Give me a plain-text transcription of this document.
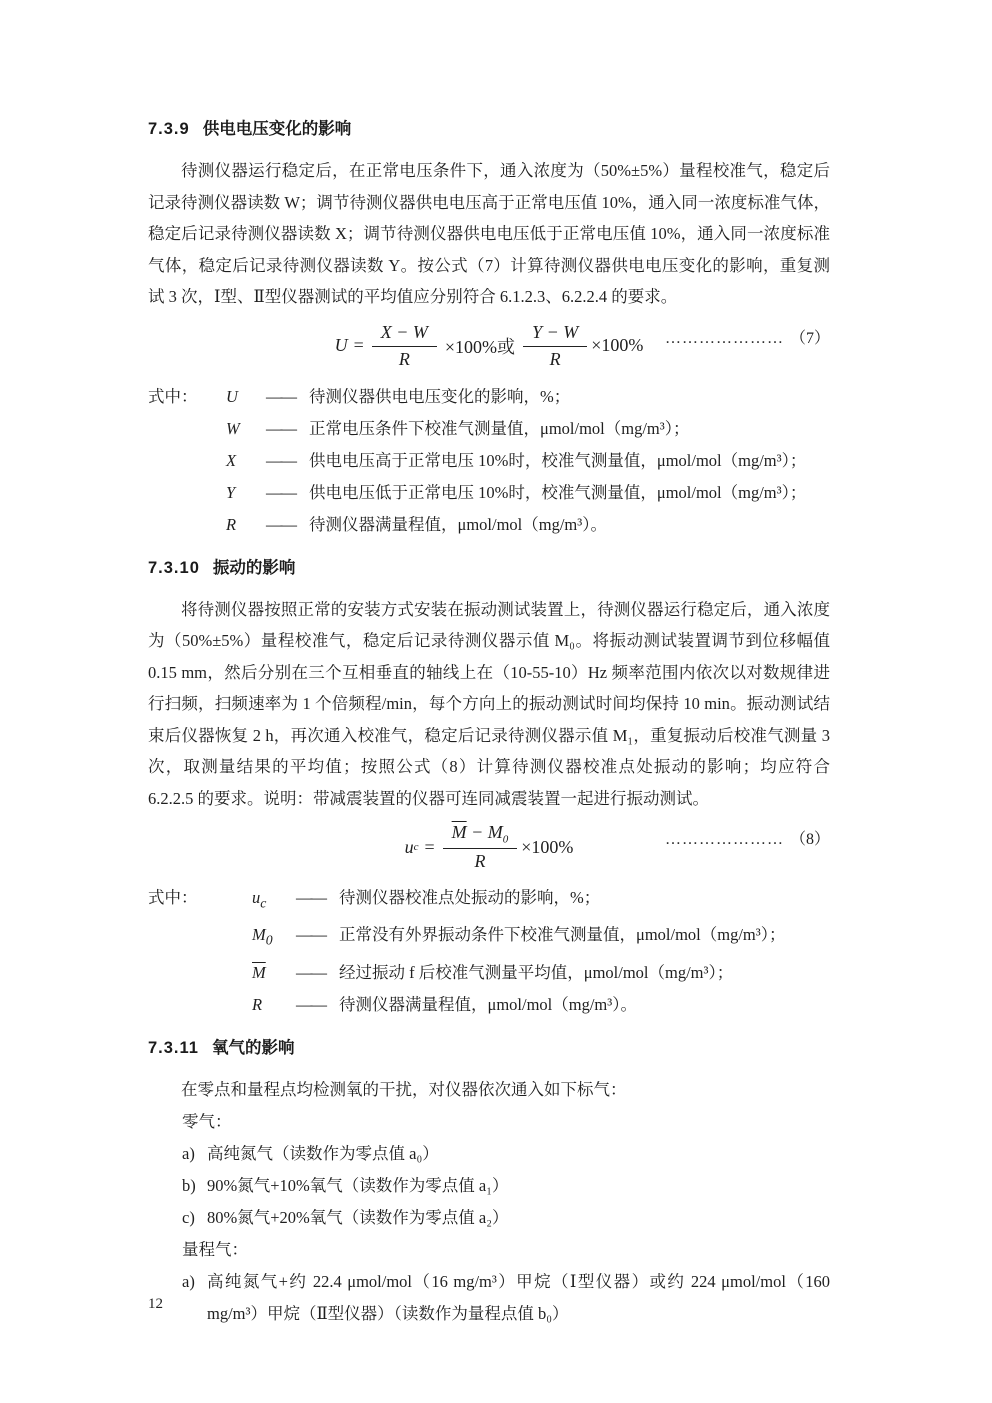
7.3.9 供电电压变化的影响
待测仪器运行稳定后，在正常电压条件下，通入浓度为（50%±5%）量程校准气，稳定后记录待测仪器读数 W；调节待测仪器供电电压高于正常电压值 10%，通入同一浓度标准气体，稳定后记录待测仪器读数 X；调节待测仪器供电电压低于正常电压值 10%，通入同一浓度标准气体，稳定后记录待测仪器读数 Y。按公式（7）计算待测仪器供电电压变化的影响，重复测试 3 次，Ⅰ型、Ⅱ型仪器测试的平均值应分别符合 6.1.2.3、6.2.2.4 的要求。
$U = \frac{X - W}{R} \times 100\%$或 $\frac{Y - W}{R} \times 100\%$ ………………… （7）
式中： U	—— 待测仪器供电电压变化的影响，%；
W	—— 正常电压条件下校准气测量值，μmol/mol（mg/m³）；
X	—— 供电电压高于正常电压 10%时，校准气测量值，μmol/mol（mg/m³）；
Y	—— 供电电压低于正常电压 10%时，校准气测量值，μmol/mol（mg/m³）；
R	—— 待测仪器满量程值，μmol/mol（mg/m³）。
7.3.10 振动的影响
将待测仪器按照正常的安装方式安装在振动测试装置上，待测仪器运行稳定后，通入浓度为（50%±5%）量程校准气，稳定后记录待测仪器示值 M₀。将振动测试装置调节到位移幅值 0.15 mm，然后分别在三个互相垂直的轴线上在（10-55-10）Hz 频率范围内依次以对数规律进行扫频，扫频速率为 1 个倍频程/min，每个方向上的振动测试时间均保持 10 min。振动测试结束后仪器恢复 2 h，再次通入校准气，稳定后记录待测仪器示值 M₁，重复振动后校准气测量 3 次，取测量结果的平均值；按照公式（8）计算待测仪器校准点处振动的影响；均应符合 6.2.2.5 的要求。说明：带减震装置的仪器可连同减震装置一起进行振动测试。
u $c = \frac{\overline{M} - M_0}{R} \times 100\%$	………………… （8）
式中：	$u_c$	—— 待测仪器校准点处振动的影响，%；
$M_0$	—— 正常没有外界振动条件下校准气测量值，μmol/mol（mg/m³）；
$\overline{M}$	—— 经过振动 f 后校准气测量平均值，μmol/mol（mg/m³）；
R	—— 待测仪器满量程值，μmol/mol（mg/m³）。
7.3.11 氧气的影响
在零点和量程点均检测氧的干扰，对仪器依次通入如下标气：
零气：
a) 高纯氮气（读数作为零点值 a₀）
b) 90%氮气+10%氧气（读数作为零点值 a₁）
c) 80%氮气+20%氧气（读数作为零点值 a₂）
量程气：
a) 高纯氮气+约 22.4 μmol/mol（16 mg/m³）甲烷（Ⅰ型仪器）或约 224 μmol/mol（160 mg/m³）甲烷（Ⅱ型仪器）（读数作为量程点值 b₀）
12
